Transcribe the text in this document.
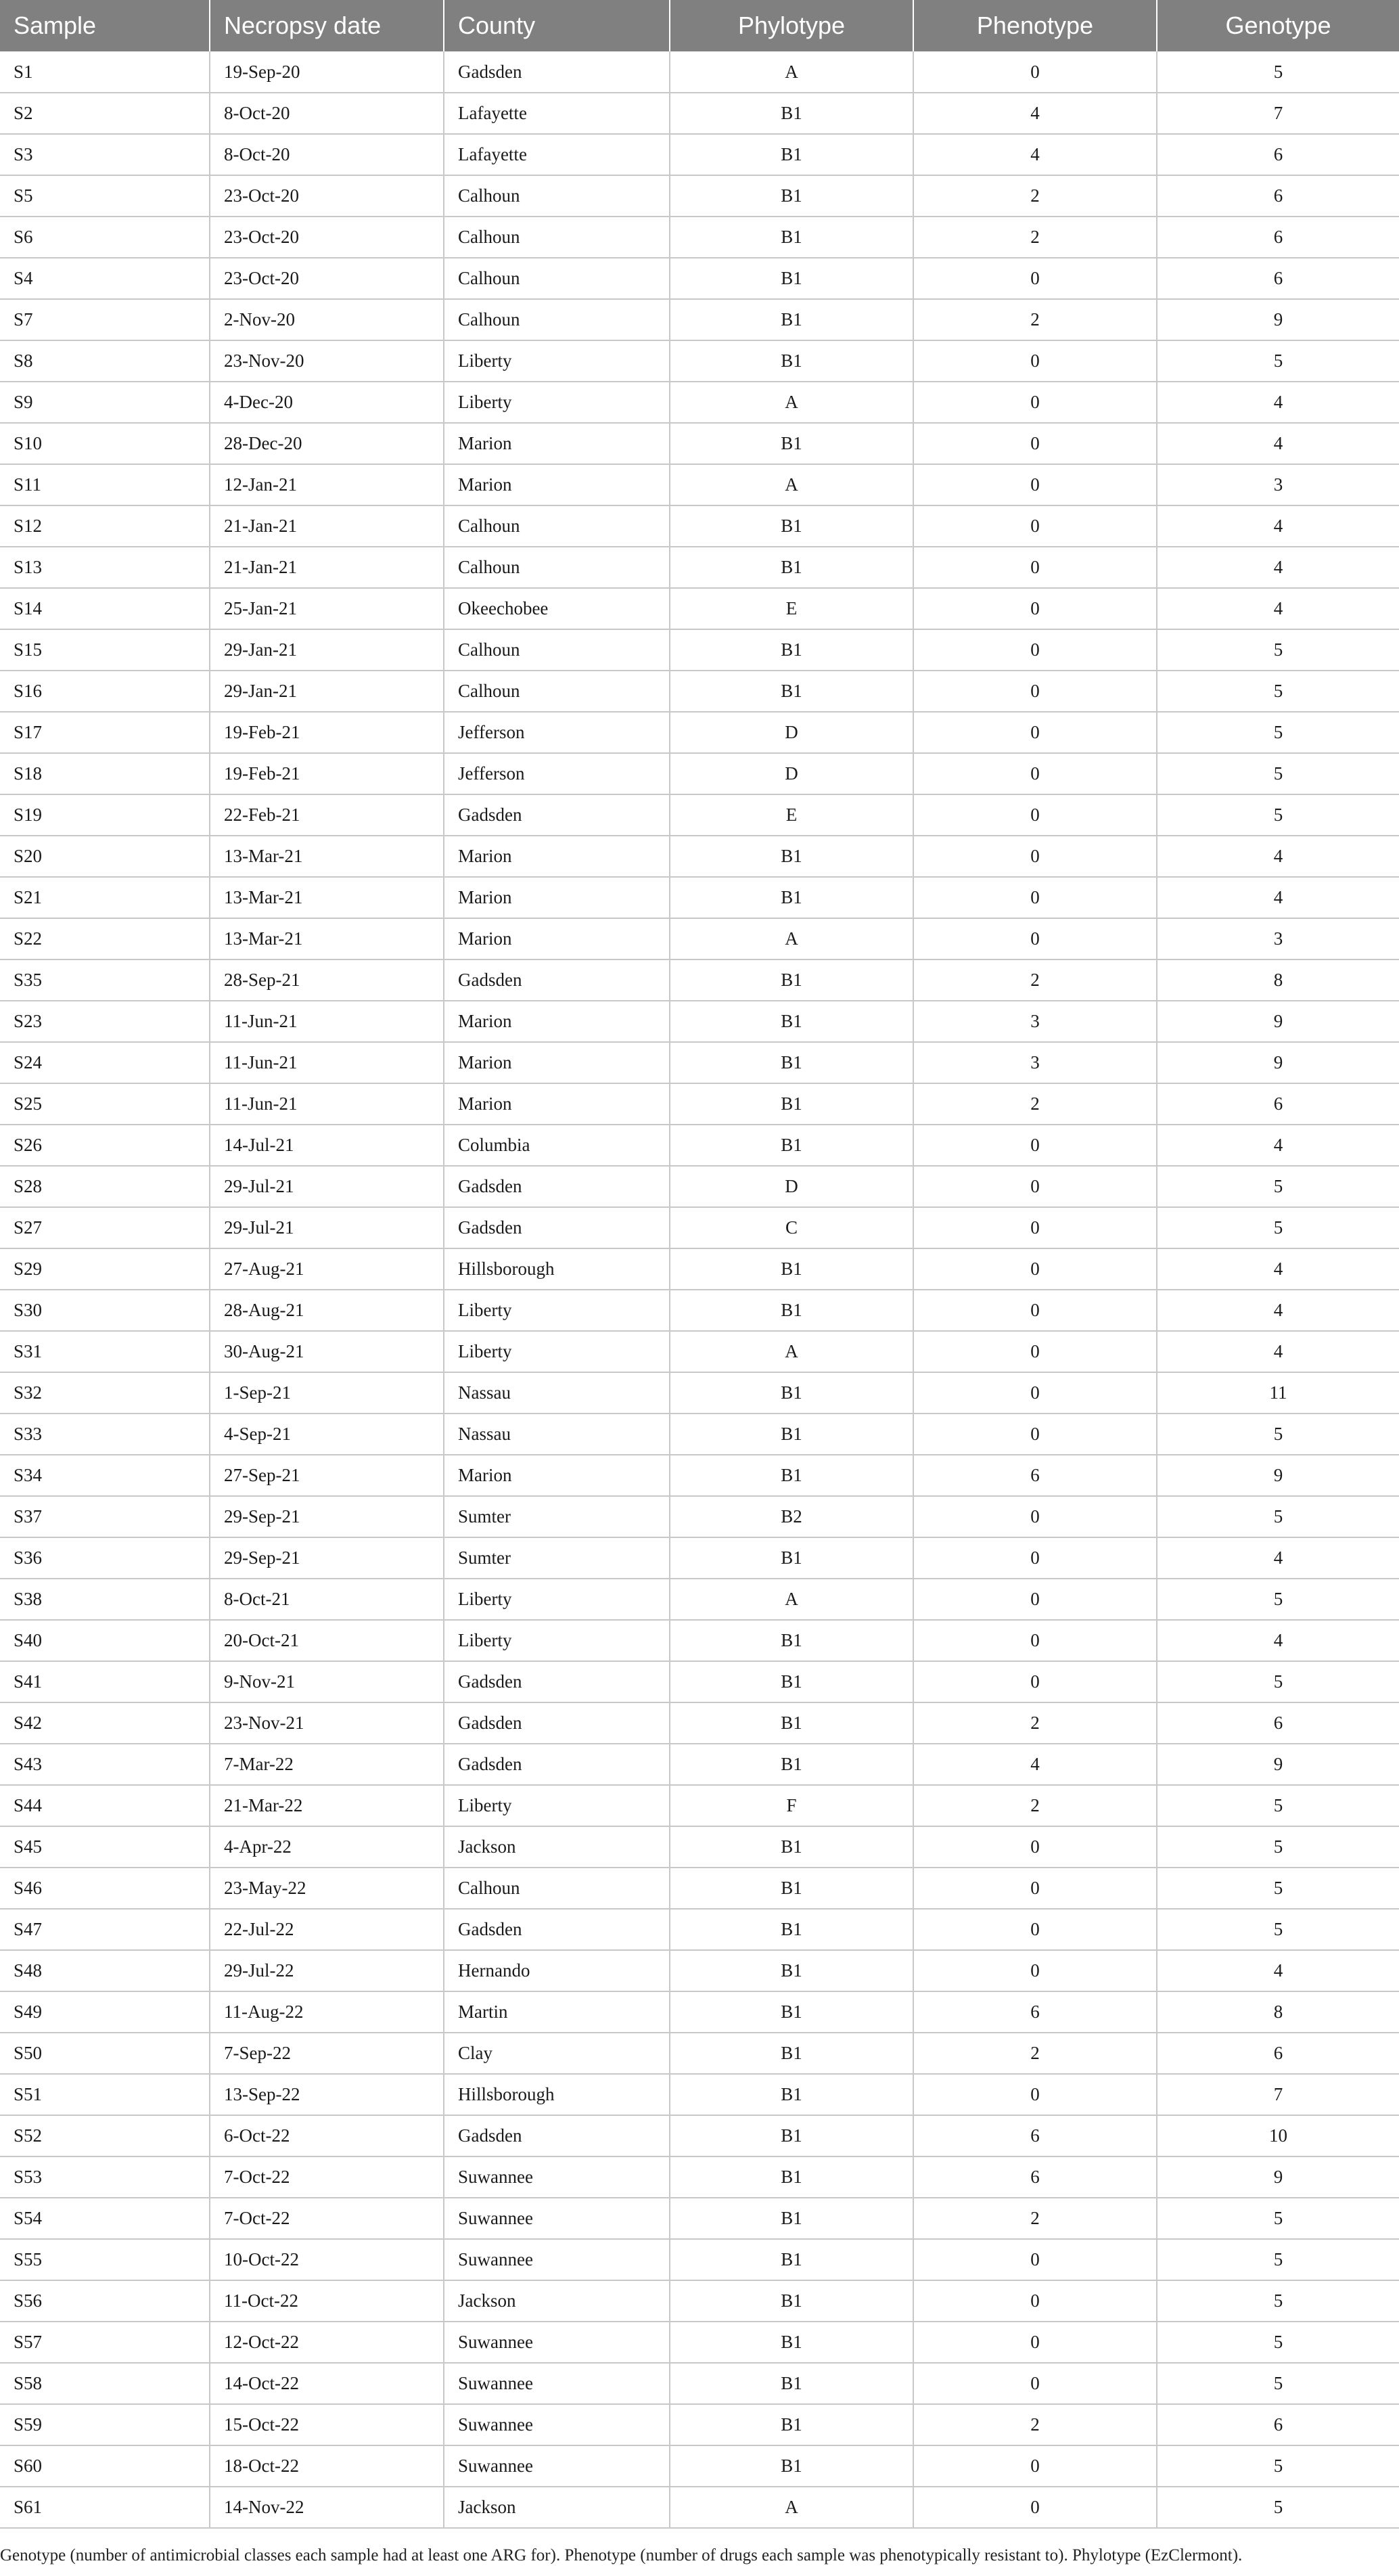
Sample	Necropsy date	County	Phylotype	Phenotype	Genotype
S1	19-Sep-20	Gadsden	A	0	5
S2	8-Oct-20	Lafayette	B1	4	7
S3	8-Oct-20	Lafayette	B1	4	6
S5	23-Oct-20	Calhoun	B1	2	6
S6	23-Oct-20	Calhoun	B1	2	6
S4	23-Oct-20	Calhoun	B1	0	6
S7	2-Nov-20	Calhoun	B1	2	9
S8	23-Nov-20	Liberty	B1	0	5
S9	4-Dec-20	Liberty	A	0	4
S10	28-Dec-20	Marion	B1	0	4
S11	12-Jan-21	Marion	A	0	3
S12	21-Jan-21	Calhoun	B1	0	4
S13	21-Jan-21	Calhoun	B1	0	4
S14	25-Jan-21	Okeechobee	E	0	4
S15	29-Jan-21	Calhoun	B1	0	5
S16	29-Jan-21	Calhoun	B1	0	5
S17	19-Feb-21	Jefferson	D	0	5
S18	19-Feb-21	Jefferson	D	0	5
S19	22-Feb-21	Gadsden	E	0	5
S20	13-Mar-21	Marion	B1	0	4
S21	13-Mar-21	Marion	B1	0	4
S22	13-Mar-21	Marion	A	0	3
S35	28-Sep-21	Gadsden	B1	2	8
S23	11-Jun-21	Marion	B1	3	9
S24	11-Jun-21	Marion	B1	3	9
S25	11-Jun-21	Marion	B1	2	6
S26	14-Jul-21	Columbia	B1	0	4
S28	29-Jul-21	Gadsden	D	0	5
S27	29-Jul-21	Gadsden	C	0	5
S29	27-Aug-21	Hillsborough	B1	0	4
S30	28-Aug-21	Liberty	B1	0	4
S31	30-Aug-21	Liberty	A	0	4
S32	1-Sep-21	Nassau	B1	0	11
S33	4-Sep-21	Nassau	B1	0	5
S34	27-Sep-21	Marion	B1	6	9
S37	29-Sep-21	Sumter	B2	0	5
S36	29-Sep-21	Sumter	B1	0	4
S38	8-Oct-21	Liberty	A	0	5
S40	20-Oct-21	Liberty	B1	0	4
S41	9-Nov-21	Gadsden	B1	0	5
S42	23-Nov-21	Gadsden	B1	2	6
S43	7-Mar-22	Gadsden	B1	4	9
S44	21-Mar-22	Liberty	F	2	5
S45	4-Apr-22	Jackson	B1	0	5
S46	23-May-22	Calhoun	B1	0	5
S47	22-Jul-22	Gadsden	B1	0	5
S48	29-Jul-22	Hernando	B1	0	4
S49	11-Aug-22	Martin	B1	6	8
S50	7-Sep-22	Clay	B1	2	6
S51	13-Sep-22	Hillsborough	B1	0	7
S52	6-Oct-22	Gadsden	B1	6	10
S53	7-Oct-22	Suwannee	B1	6	9
S54	7-Oct-22	Suwannee	B1	2	5
S55	10-Oct-22	Suwannee	B1	0	5
S56	11-Oct-22	Jackson	B1	0	5
S57	12-Oct-22	Suwannee	B1	0	5
S58	14-Oct-22	Suwannee	B1	0	5
S59	15-Oct-22	Suwannee	B1	2	6
S60	18-Oct-22	Suwannee	B1	0	5
S61	14-Nov-22	Jackson	A	0	5
Genotype (number of antimicrobial classes each sample had at least one ARG for). Phenotype (number of drugs each sample was phenotypically resistant to). Phylotype (EzClermont).
